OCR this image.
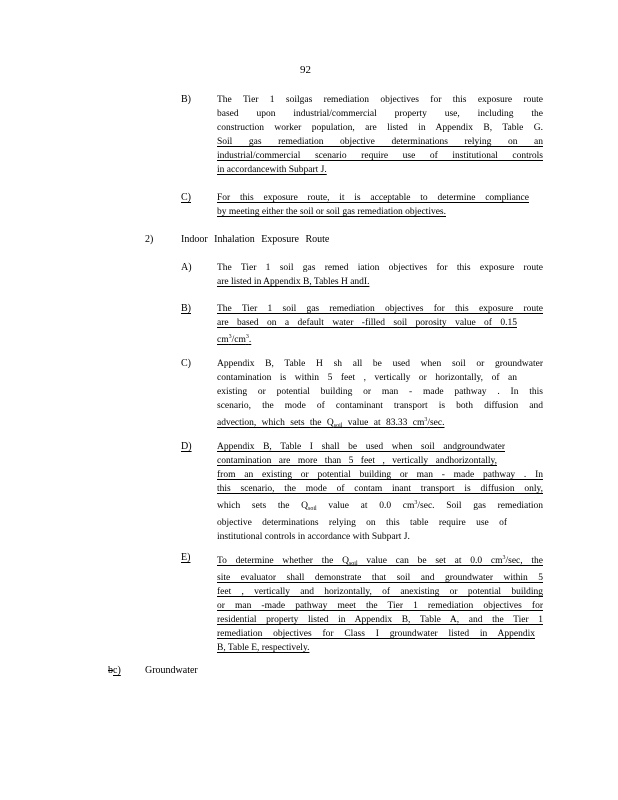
92
B)	The Tier 1 soilgas remediation objectives for this exposure route
based upon industrial/commercial property use, including the
construction worker population, are listed in Appendix B, Table G.
Soil gas remediation objective determinations relying on an
industrial/commercial scenario require use of institutional controls
in accordancewith Subpart J.
C)	For this exposure route, it is acceptable to determine compliance
by meeting either the soil or soil gas remediation objectives.
2)	Indoor Inhalation Exposure Route
A)	The Tier 1 soil gas remed iation objectives for this exposure route
are listed in Appendix B, Tables H andI.
B)	The Tier 1 soil gas remediation objectives for this exposure route
are based on a default water -filled soil porosity value of 0.15
$cm^3/cm^3$.
C)	Appendix B, Table H sh all be used when soil or groundwater
contamination is within 5 feet , vertically or horizontally, of an
existing or potential building or man - made pathway . In this
scenario, the mode of contaminant transport is both diffusion and
advection, which sets the $Q_{soil}$ value at 83.33 $cm^3/\sec$.
D)	Appendix B, Table I shall be used when soil andgroundwater
contamination are more than 5 feet , vertically andhorizontally,
from an existing or potential building or man - made pathway . In
this scenario, the mode of contam inant transport is diffusion only,
which sets the $Q_{soil}$ value at 0.0 $cm^3/\sec$. Soil gas remediation
objective determinations relying on this table require use of
institutional controls in accordance with Subpart J.
E)	To determine whether the $Q_{soil}$ value can be set at 0.0 $cm^3/\sec$, the
site evaluator shall demonstrate that soil and groundwater within 5
feet , vertically and horizontally, of anexisting or potential building
or man -made pathway meet the Tier 1 remediation objectives for
residential property listed in Appendix B, Table A, and the Tier 1
remediation objectives for Class I groundwater listed in Appendix
B, Table E, respectively.
bc) Groundwater
